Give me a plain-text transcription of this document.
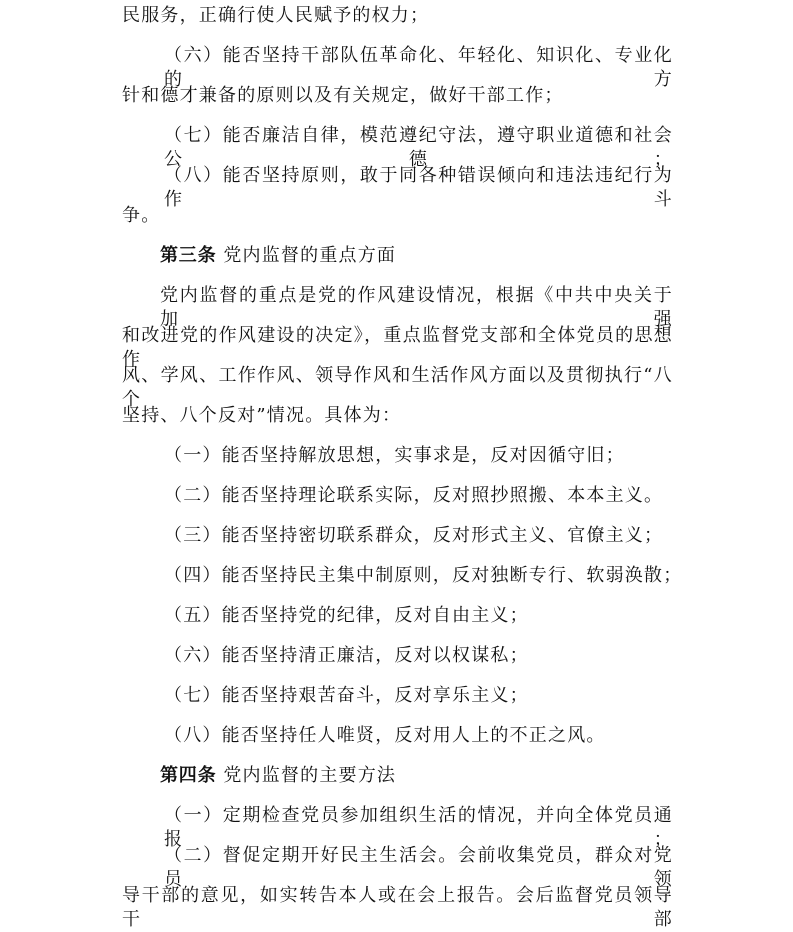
民服务，正确行使人民赋予的权力；
（六）能否坚持干部队伍革命化、年轻化、知识化、专业化的方
针和德才兼备的原则以及有关规定，做好干部工作；
（七）能否廉洁自律，模范遵纪守法，遵守职业道德和社会公德；
（八）能否坚持原则，敢于同各种错误倾向和违法违纪行为作斗
争。
第三条 党内监督的重点方面
党内监督的重点是党的作风建设情况，根据《中共中央关于加强
和改进党的作风建设的决定》，重点监督党支部和全体党员的思想作
风、学风、工作作风、领导作风和生活作风方面以及贯彻执行“八个
坚持、八个反对”情况。具体为：
（一）能否坚持解放思想，实事求是，反对因循守旧；
（二）能否坚持理论联系实际，反对照抄照搬、本本主义。
（三）能否坚持密切联系群众，反对形式主义、官僚主义；
（四）能否坚持民主集中制原则，反对独断专行、软弱涣散；
（五）能否坚持党的纪律，反对自由主义；
（六）能否坚持清正廉洁，反对以权谋私；
（七）能否坚持艰苦奋斗，反对享乐主义；
（八）能否坚持任人唯贤，反对用人上的不正之风。
第四条 党内监督的主要方法
（一）定期检查党员参加组织生活的情况，并向全体党员通报；
（二）督促定期开好民主生活会。会前收集党员，群众对党员领
导干部的意见，如实转告本人或在会上报告。会后监督党员领导干部
